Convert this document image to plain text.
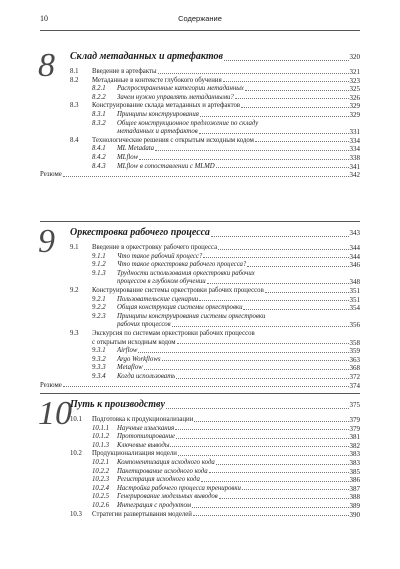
10	Содержание
8 Склад метаданных и артефактов	320
8.1	Введение в артефакты	321
8.2	Метаданные в контексте глубокого обучения	323
8.2.1	Распространенные категории метаданных	325
8.2.2	Зачем нужно управлять метаданными?	326
8.3	Конструирование склада метаданных и артефактов	329
8.3.1	Принципы конструирования	329
8.3.2	Общее конструкционное предложение по складу
метаданных и артефактов	331
8.4	Технологические решения с открытым исходным кодом	334
8.4.1	ML Metadata	334
8.4.2	MLflow	338
8.4.3	MLflow в сопоставлении с MLMD	341
Резюме	342
9 Оркестровка рабочего процесса	343
9.1	Введение в оркестровку рабочего процесса	344
9.1.1	Что такое рабочий процесс?	344
9.1.2	Что такое оркестровка рабочего процесса?	346
9.1.3	Трудности использования оркестровки рабочих
процессов в глубоком обучении	348
9.2	Конструирование системы оркестровки рабочих процессов	351
9.2.1	Пользовательские сценарии	351
9.2.2	Общая конструкция системы оркестровки	354
9.2.3	Принципы конструирования системы оркестровки
рабочих процессов	356
9.3	Экскурсия по системам оркестровки рабочих процессов
с открытым исходным кодом	358
9.3.1	Airflow	359
9.3.2	Argo Workflows	363
9.3.3	Metaflow	368
9.3.4	Когда использовать	372
Резюме	374
10
Путь к производству	375
10.1	Подготовка к продукционализации	379
10.1.1	Научные изыскания	379
10.1.2	Прототипирование	381
10.1.3	Ключевые выводы	382
10.2	Продукционализация модели	383
10.2.1	Компонентизация исходного кода	383
10.2.2	Пакетирование исходного кода	385
10.2.3	Регистрация исходного кода	386
10.2.4	Настройка рабочего процесса тренировки	387
10.2.5	Генерирование модельных выводов	388
10.2.6	Интеграция с продуктом	389
10.3	Стратегии развертывания моделей	390
